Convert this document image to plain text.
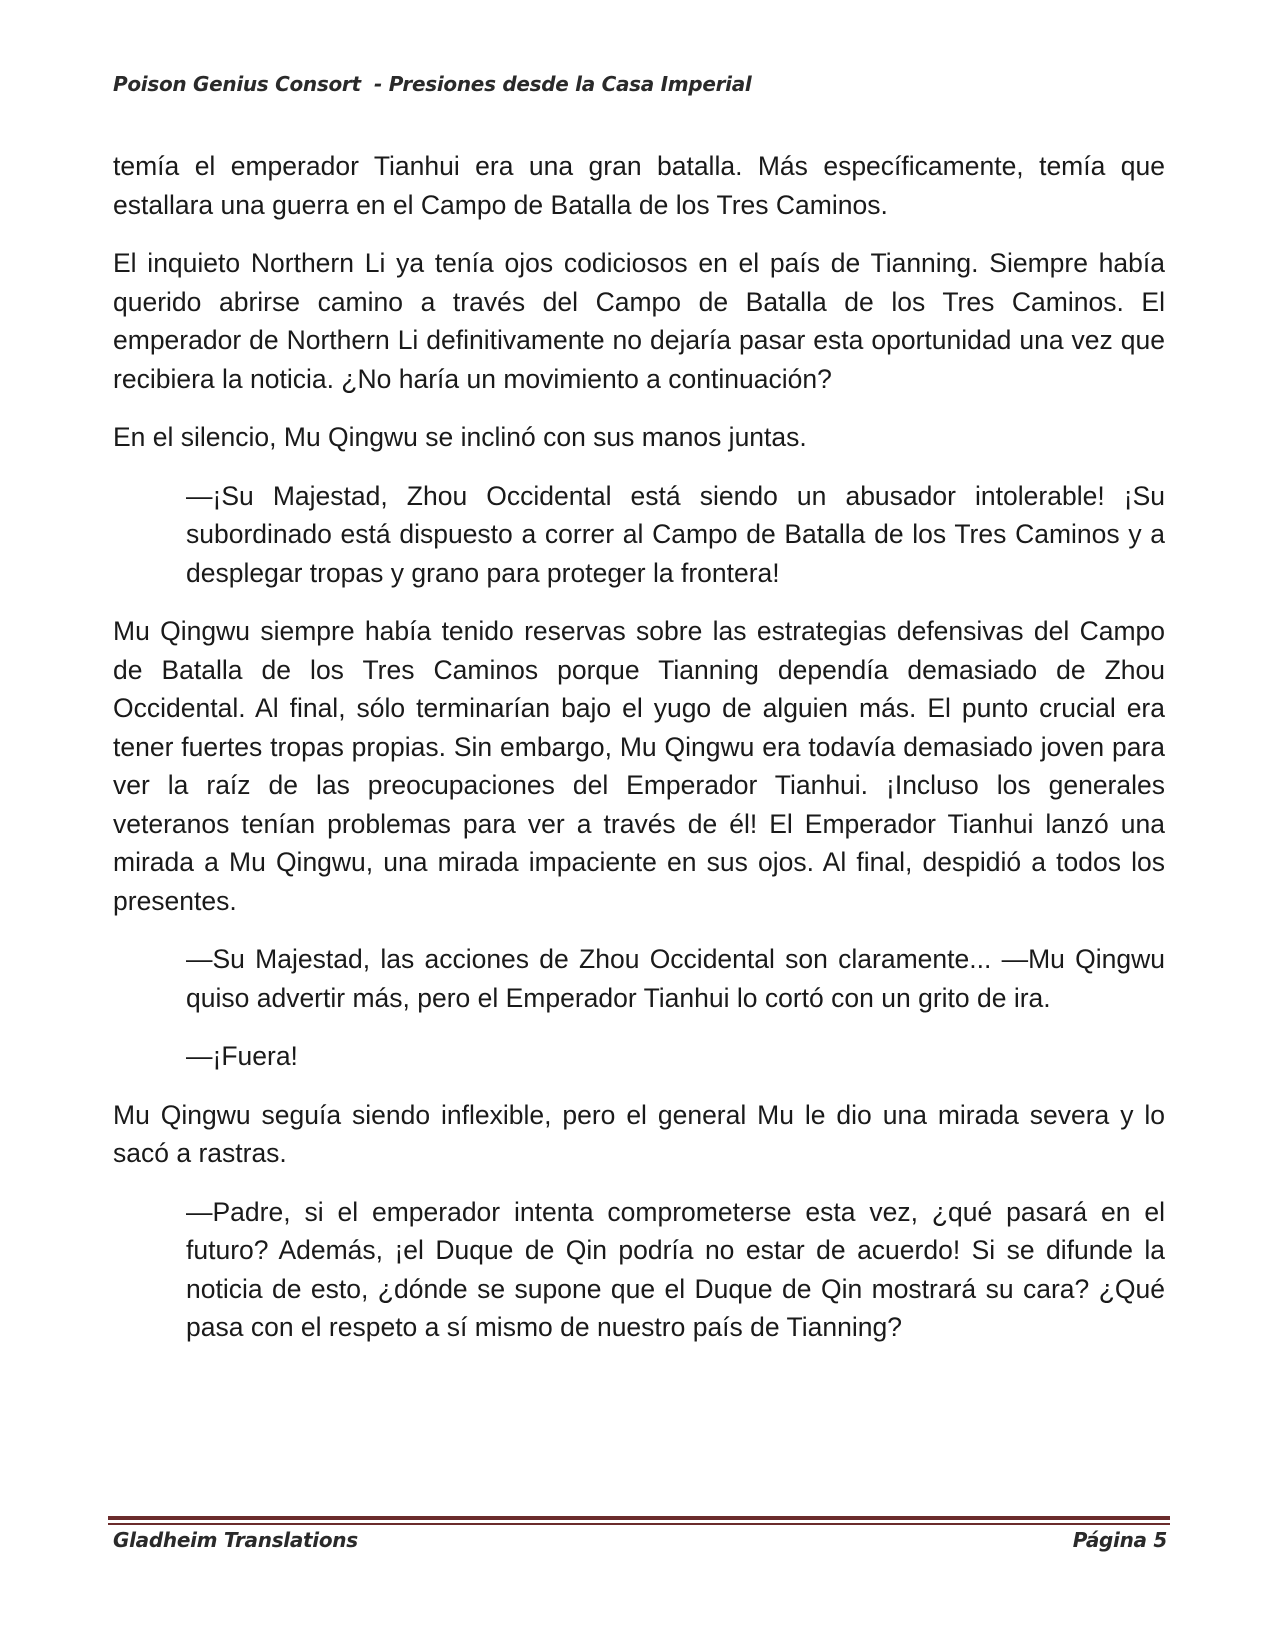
Poison Genius Consort  - Presiones desde la Casa Imperial

temía el emperador Tianhui era una gran batalla. Más específicamente, temía que estallara una guerra en el Campo de Batalla de los Tres Caminos.

El inquieto Northern Li ya tenía ojos codiciosos en el país de Tianning. Siempre había querido abrirse camino a través del Campo de Batalla de los Tres Caminos. El emperador de Northern Li definitivamente no dejaría pasar esta oportunidad una vez que recibiera la noticia. ¿No haría un movimiento a continuación?

En el silencio, Mu Qingwu se inclinó con sus manos juntas.

—¡Su Majestad, Zhou Occidental está siendo un abusador intolerable! ¡Su subordinado está dispuesto a correr al Campo de Batalla de los Tres Caminos y a desplegar tropas y grano para proteger la frontera!

Mu Qingwu siempre había tenido reservas sobre las estrategias defensivas del Campo de Batalla de los Tres Caminos porque Tianning dependía demasiado de Zhou Occidental. Al final, sólo terminarían bajo el yugo de alguien más. El punto crucial era tener fuertes tropas propias. Sin embargo, Mu Qingwu era todavía demasiado joven para ver la raíz de las preocupaciones del Emperador Tianhui. ¡Incluso los generales veteranos tenían problemas para ver a través de él! El Emperador Tianhui lanzó una mirada a Mu Qingwu, una mirada impaciente en sus ojos. Al final, despidió a todos los presentes.

—Su Majestad, las acciones de Zhou Occidental son claramente... —Mu Qingwu quiso advertir más, pero el Emperador Tianhui lo cortó con un grito de ira.

—¡Fuera!

Mu Qingwu seguía siendo inflexible, pero el general Mu le dio una mirada severa y lo sacó a rastras.

—Padre, si el emperador intenta comprometerse esta vez, ¿qué pasará en el futuro? Además, ¡el Duque de Qin podría no estar de acuerdo! Si se difunde la noticia de esto, ¿dónde se supone que el Duque de Qin mostrará su cara? ¿Qué pasa con el respeto a sí mismo de nuestro país de Tianning?

Gladheim Translations	Página 5
